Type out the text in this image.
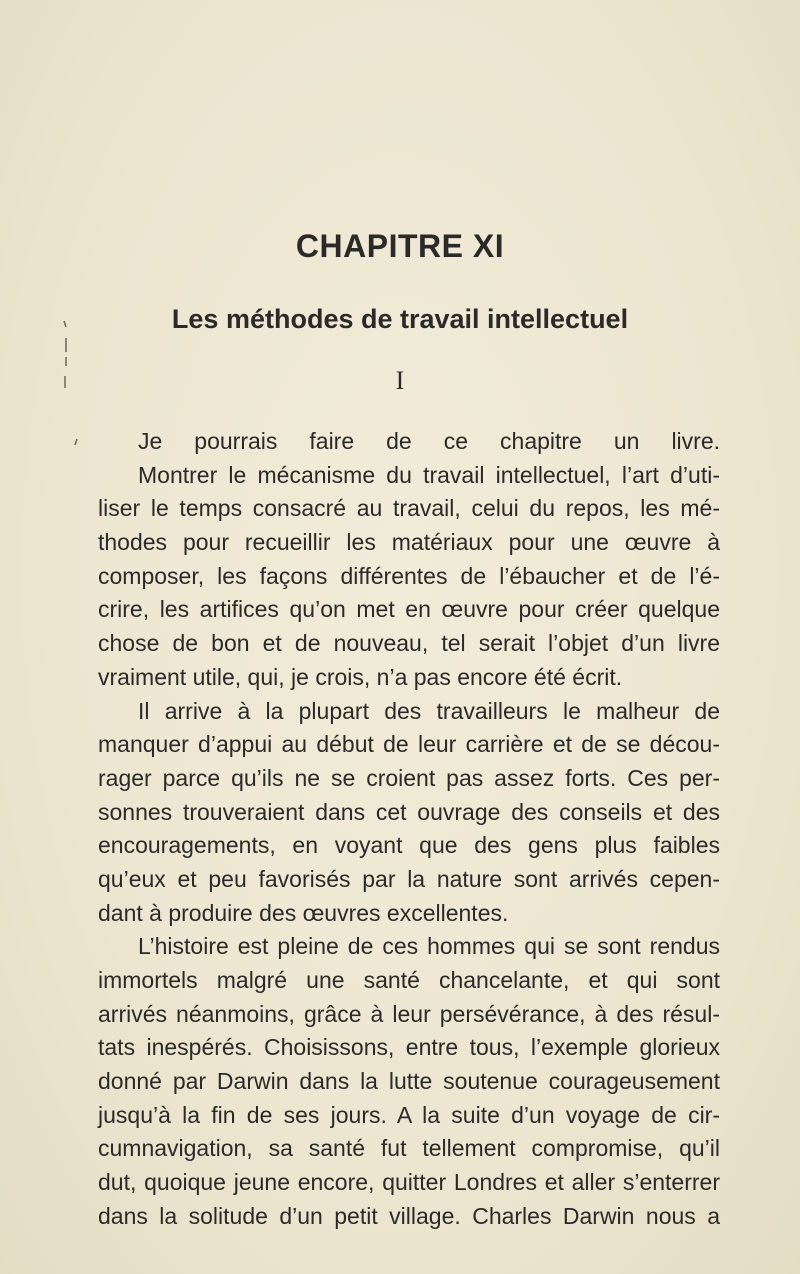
CHAPITRE XI
Les méthodes de travail intellectuel
I
Je pourrais faire de ce chapitre un livre.
Montrer le mécanisme du travail intellectuel, l’art d’uti-
liser le temps consacré au travail, celui du repos, les mé-
thodes pour recueillir les matériaux pour une œuvre à
composer, les façons différentes de l’ébaucher et de l’é-
crire, les artifices qu’on met en œuvre pour créer quelque
chose de bon et de nouveau, tel serait l’objet d’un livre
vraiment utile, qui, je crois, n’a pas encore été écrit.
Il arrive à la plupart des travailleurs le malheur de
manquer d’appui au début de leur carrière et de se décou-
rager parce qu’ils ne se croient pas assez forts. Ces per-
sonnes trouveraient dans cet ouvrage des conseils et des
encouragements, en voyant que des gens plus faibles
qu’eux et peu favorisés par la nature sont arrivés cepen-
dant à produire des œuvres excellentes.
L’histoire est pleine de ces hommes qui se sont rendus
immortels malgré une santé chancelante, et qui sont
arrivés néanmoins, grâce à leur persévérance, à des résul-
tats inespérés. Choisissons, entre tous, l’exemple glorieux
donné par Darwin dans la lutte soutenue courageusement
jusqu’à la fin de ses jours. A la suite d’un voyage de cir-
cumnavigation, sa santé fut tellement compromise, qu’il
dut, quoique jeune encore, quitter Londres et aller s’enterrer
dans la solitude d’un petit village. Charles Darwin nous a
